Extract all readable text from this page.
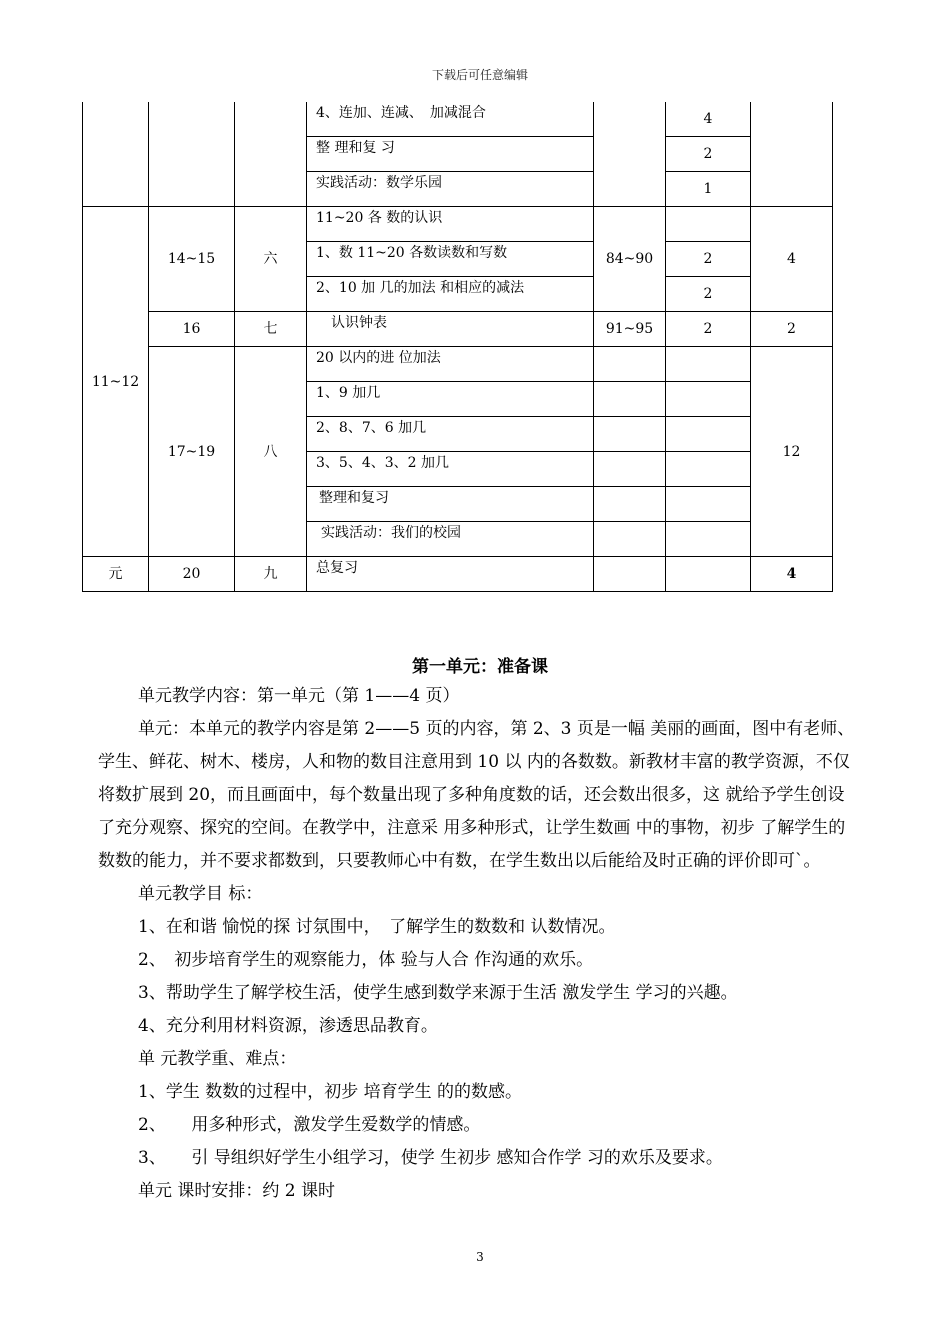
下载后可任意编辑
			4、连加、连减、　加减混合		4	
			整 理和复 习		2	
			实践活动：数学乐园		1	
11~12	14~15	六	11~20 各 数的认识	84~90		4
			1、数 11~20 各数读数和写数		2	
			2、10 加 几的加法 和相应的减法		2	
	16	七	认识钟表	91~95	2	2
	17~19	八	20 以内的进 位加法			12
			1、9 加几			
			2、8、7、6 加几			
			3、5、4、3、2 加几			
			整理和复习			
			实践活动：我们的校园			
元	20	九	总复习			4
第一单元：准备课

单元教学内容：第一单元（第 1——4 页）

单元：本单元的教学内容是第 2——5 页的内容，第 2、3 页是一幅 美丽的画面，图中有老师、学生、鲜花、树木、楼房，人和物的数目注意用到 10 以 内的各数数。新教材丰富的教学资源，不仅将数扩展到 20，而且画面中，每个数量出现了多种角度数的话，还会数出很多，这 就给予学生创设了充分观察、探究的空间。在教学中，注意采 用多种形式，让学生数画 中的事物，初步 了解学生的数数的能力，并不要求都数到，只要教师心中有数，在学生数出以后能给及时正确的评价即可`。

单元教学目 标：

1、在和谐 愉悦的探 讨氛围中，　了解学生的数数和 认数情况。

2、　初步培育学生的观察能力，体 验与人合 作沟通的欢乐。

3、帮助学生了解学校生活，使学生感到数学来源于生活 激发学生 学习的兴趣。

4、充分利用材料资源，渗透思品教育。

单 元教学重、难点：

1、学生 数数的过程中，初步 培育学生 的的数感。

2、　　用多种形式，激发学生爱数学的情感。

3、　　引 导组织好学生小组学习，使学 生初步 感知合作学 习的欢乐及要求。

单元 课时安排：约 2 课时

3
